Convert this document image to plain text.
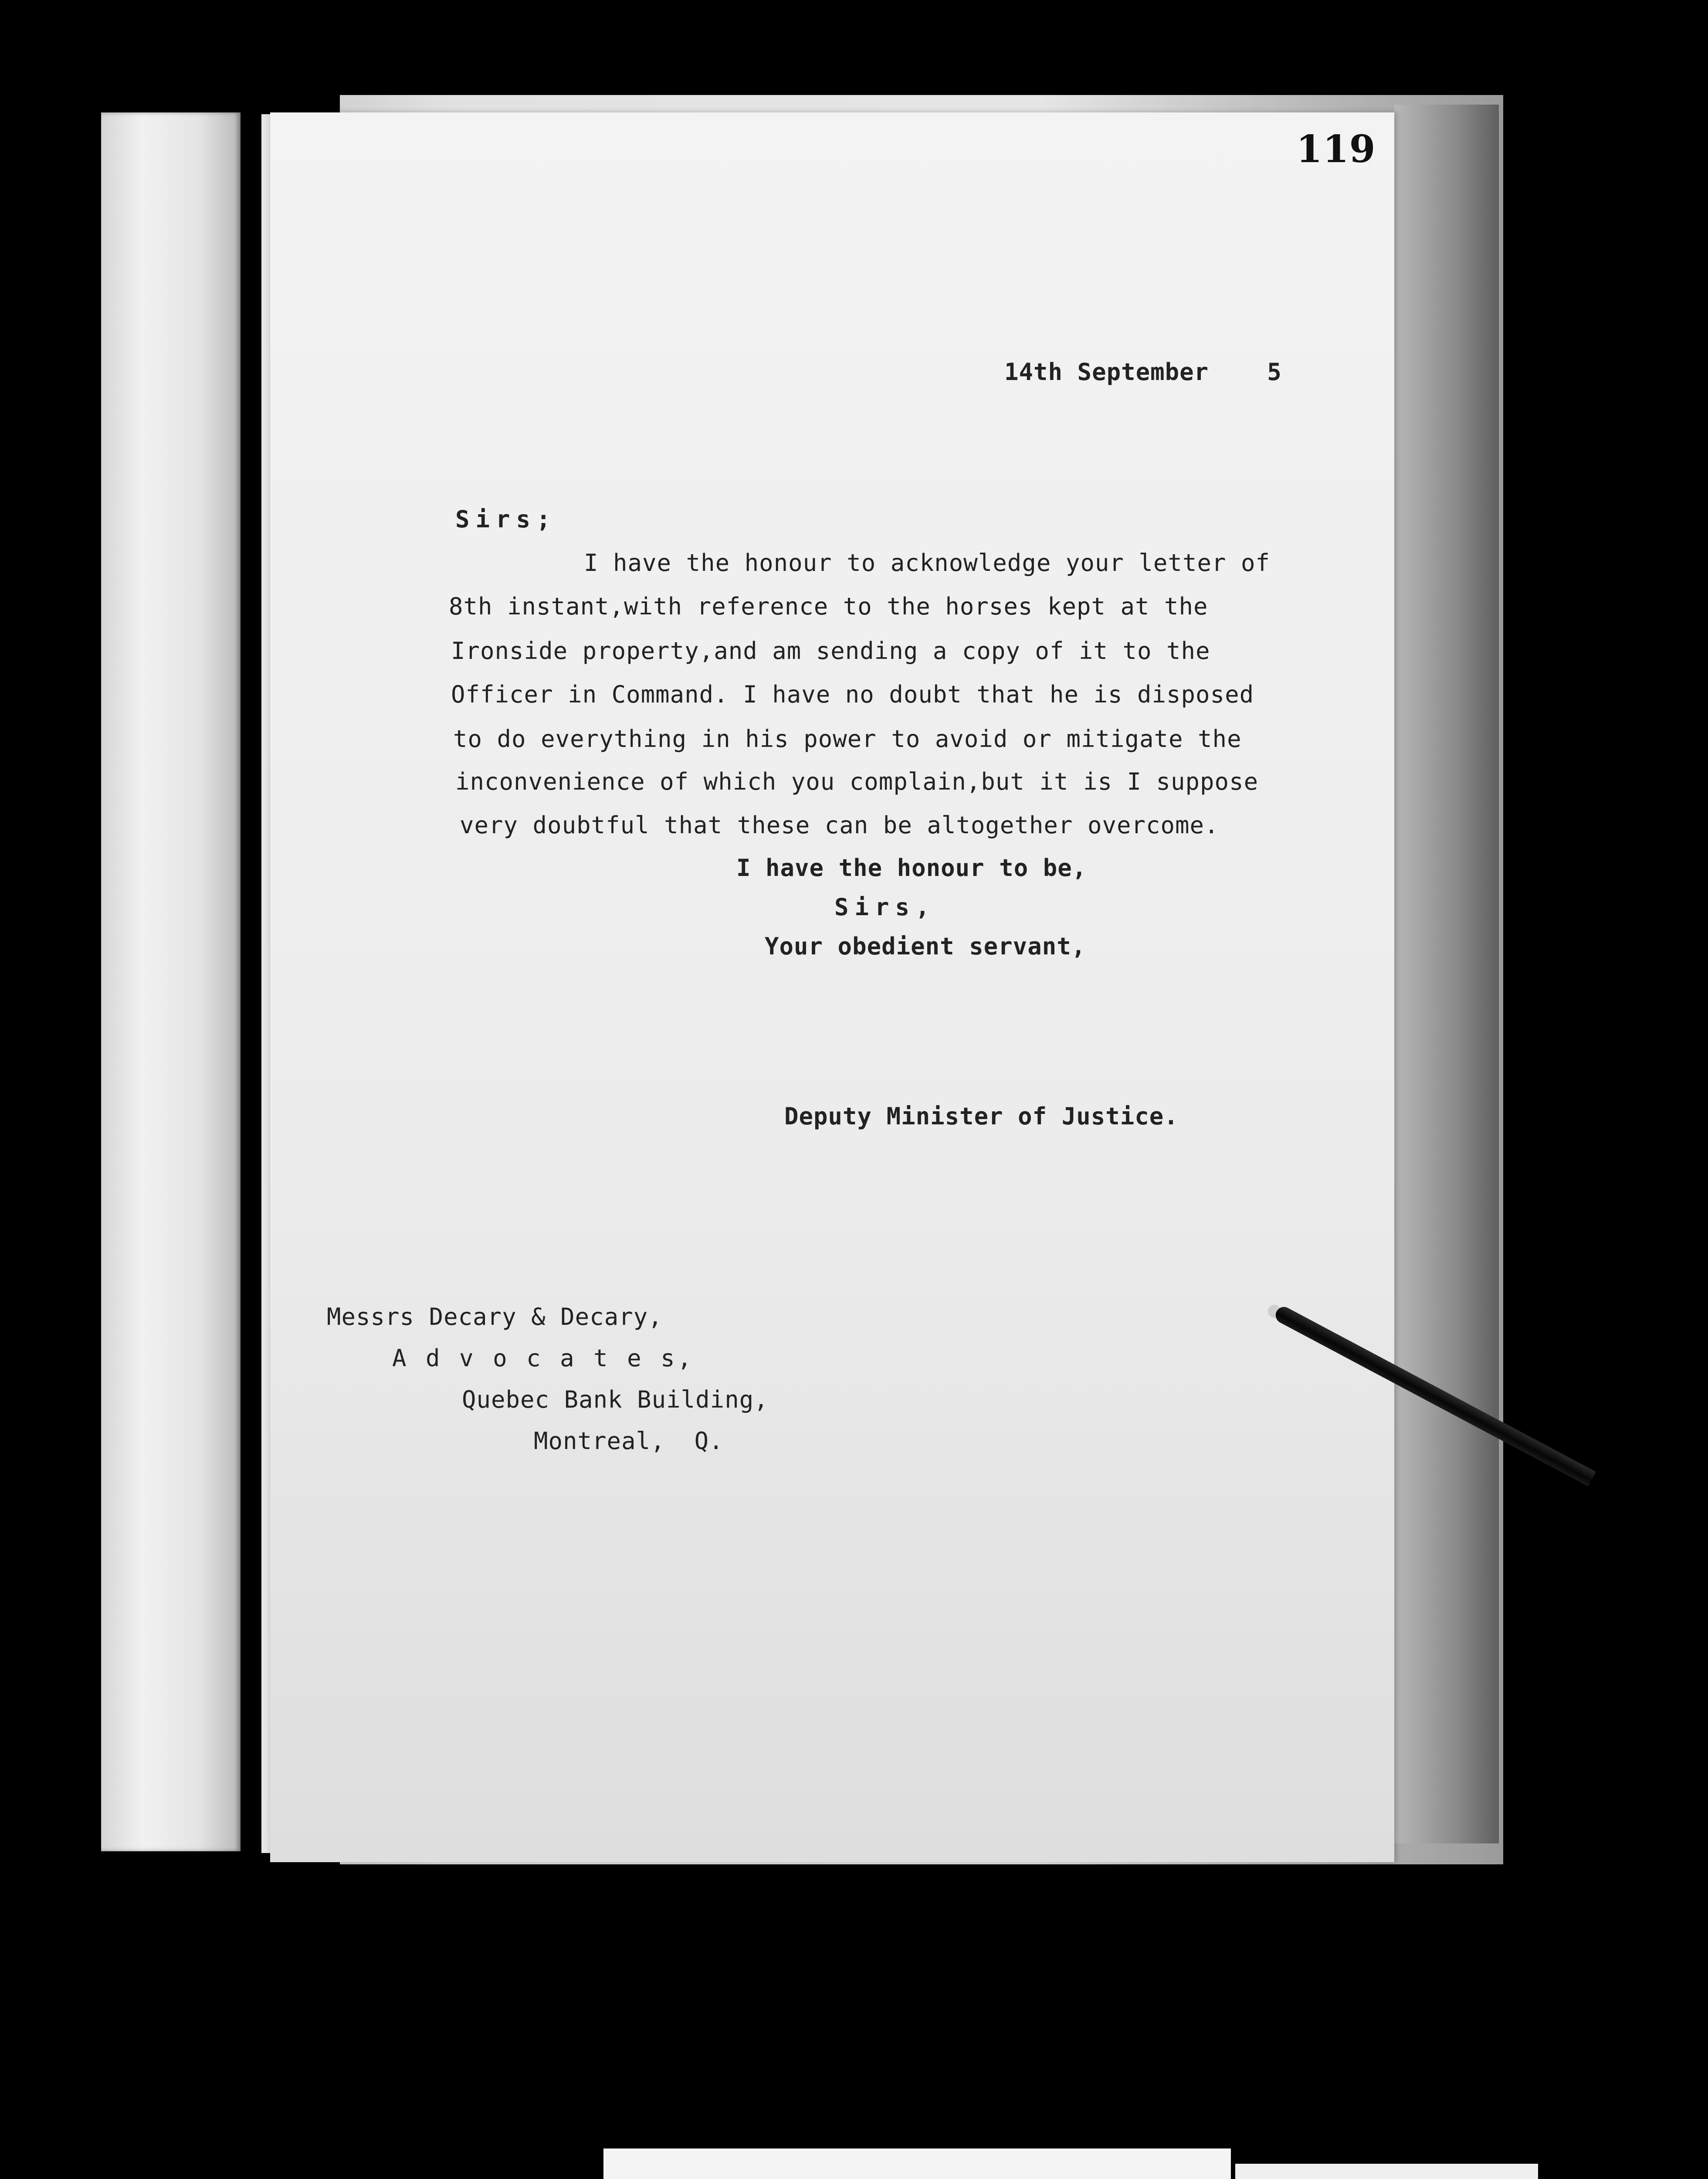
119
14th September    5
Sirs;
I have the honour to acknowledge your letter of
8th instant,with reference to the horses kept at the
Ironside property,and am sending a copy of it to the
Officer in Command. I have no doubt that he is disposed
to do everything in his power to avoid or mitigate the
inconvenience of which you complain,but it is I suppose
very doubtful that these can be altogether overcome.
I have the honour to be,
Sirs,
Your obedient servant,
Deputy Minister of Justice.
Messrs Decary & Decary,
A d v o c a t e s,
Quebec Bank Building,
Montreal,  Q.
